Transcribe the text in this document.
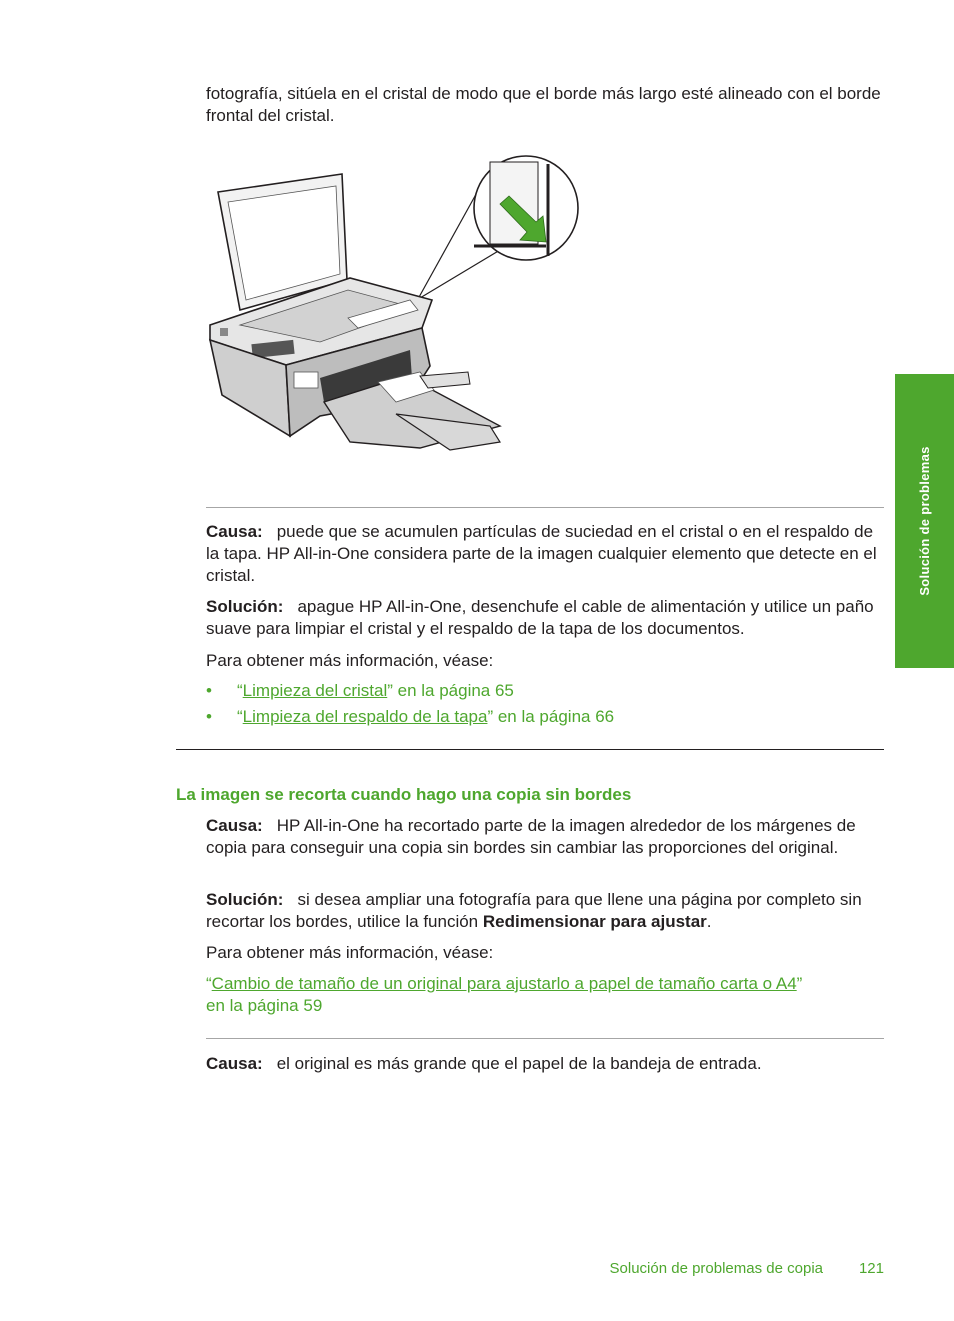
fotografía, sitúela en el cristal de modo que el borde más largo esté alineado con el borde frontal del cristal.

Causa: puede que se acumulen partículas de suciedad en el cristal o en el respaldo de la tapa. HP All-in-One considera parte de la imagen cualquier elemento que detecte en el cristal.

Solución: apague HP All-in-One, desenchufe el cable de alimentación y utilice un paño suave para limpiar el cristal y el respaldo de la tapa de los documentos.

Para obtener más información, véase:

• “Limpieza del cristal” en la página 65
• “Limpieza del respaldo de la tapa” en la página 66
La imagen se recorta cuando hago una copia sin bordes

Causa: HP All-in-One ha recortado parte de la imagen alrededor de los márgenes de copia para conseguir una copia sin bordes sin cambiar las proporciones del original.

Solución: si desea ampliar una fotografía para que llene una página por completo sin recortar los bordes, utilice la función Redimensionar para ajustar.

Para obtener más información, véase:

“Cambio de tamaño de un original para ajustarlo a papel de tamaño carta o A4”
en la página 59

Causa: el original es más grande que el papel de la bandeja de entrada.

Solución de problemas
Solución de problemas de copia 121
